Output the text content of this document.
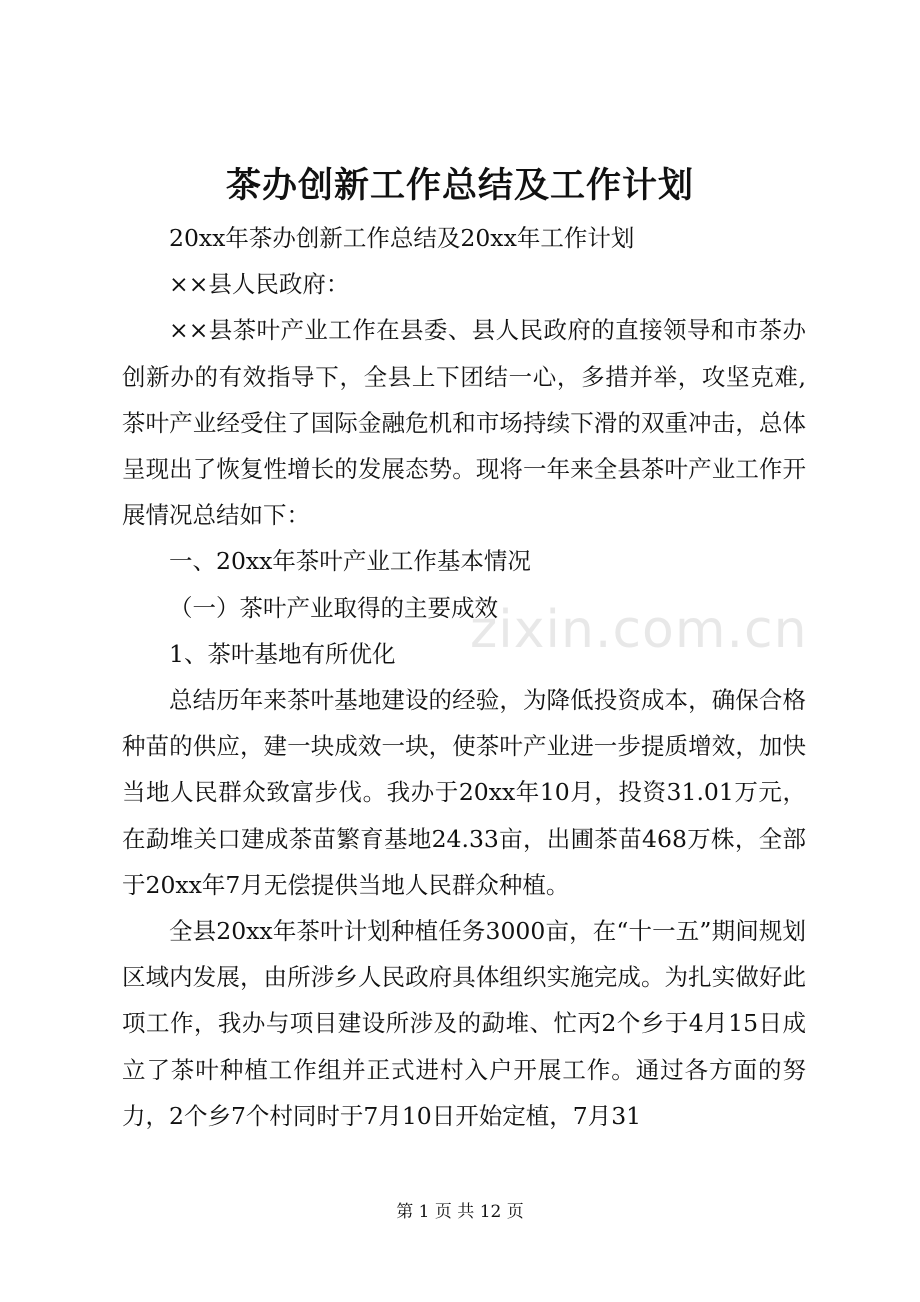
茶办创新工作总结及工作计划

20xx年茶办创新工作总结及20xx年工作计划

××县人民政府：

××县茶叶产业工作在县委、县人民政府的直接领导和市茶办创新办的有效指导下，全县上下团结一心，多措并举，攻坚克难,茶叶产业经受住了国际金融危机和市场持续下滑的双重冲击，总体呈现出了恢复性增长的发展态势。现将一年来全县茶叶产业工作开展情况总结如下：

一、20xx年茶叶产业工作基本情况

（一）茶叶产业取得的主要成效

1、茶叶基地有所优化

总结历年来茶叶基地建设的经验，为降低投资成本，确保合格种苗的供应，建一块成效一块，使茶叶产业进一步提质增效，加快当地人民群众致富步伐。我办于20xx年10月，投资31.01万元，在勐堆关口建成茶苗繁育基地24.33亩，出圃茶苗468万株，全部于20xx年7月无偿提供当地人民群众种植。

全县20xx年茶叶计划种植任务3000亩，在“十一五”期间规划区域内发展，由所涉乡人民政府具体组织实施完成。为扎实做好此项工作，我办与项目建设所涉及的勐堆、忙丙2个乡于4月15日成立了茶叶种植工作组并正式进村入户开展工作。通过各方面的努力，2个乡7个村同时于7月10日开始定植，7月31

zixin.com.cn
第 1 页 共 12 页
